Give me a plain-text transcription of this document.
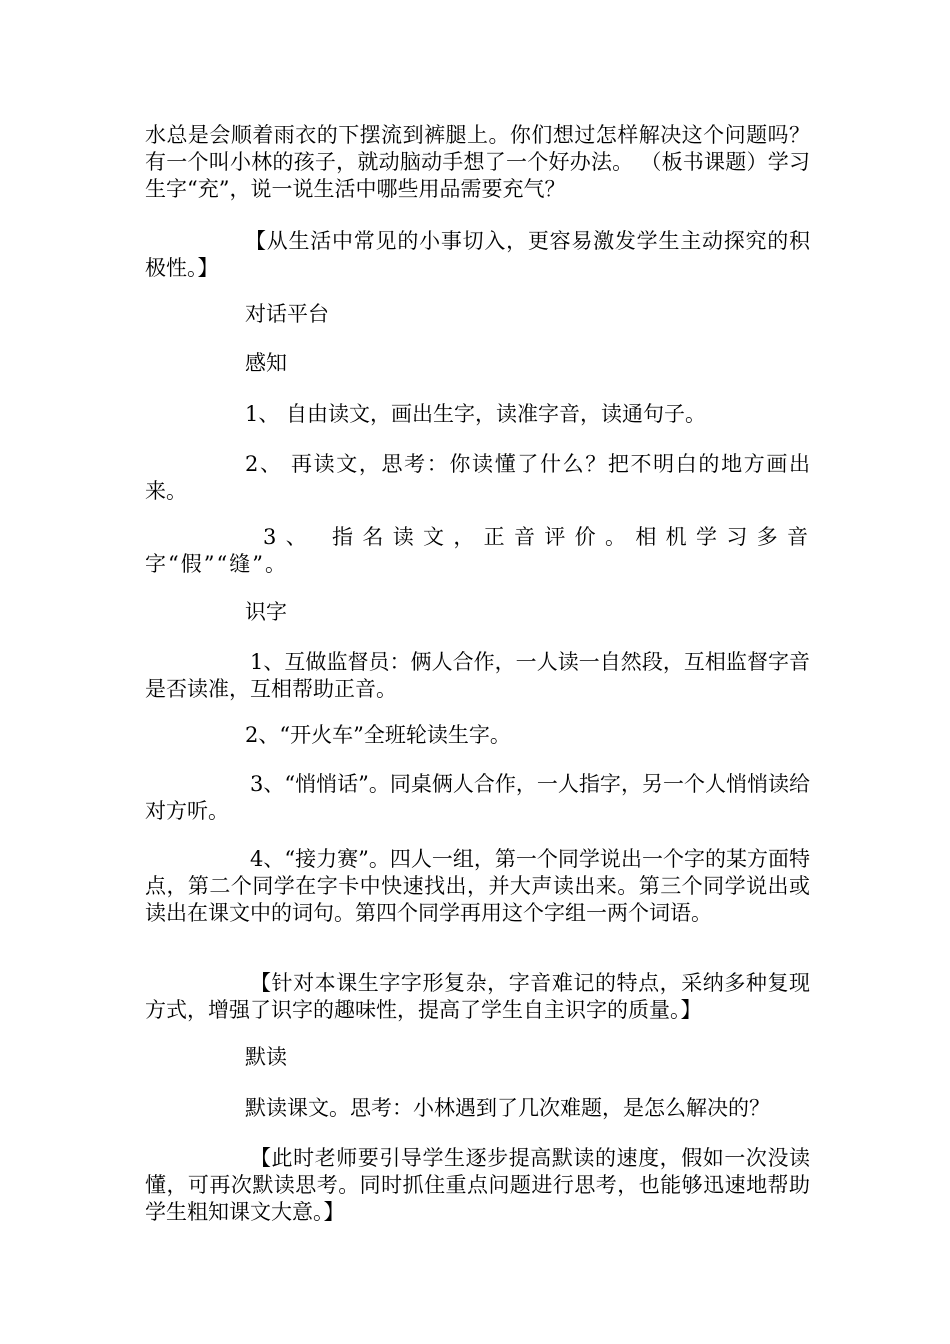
水总是会顺着雨衣的下摆流到裤腿上。你们想过怎样解决这个问题吗？有一个叫小林的孩子，就动脑动手想了一个好办法。 （板书课题）学习生字“充”，说一说生活中哪些用品需要充气？

【从生活中常见的小事切入，更容易激发学生主动探究的积极性。】

对话平台

感知

1、 自由读文，画出生字，读准字音，读通句子。

2、 再读文，思考：你读懂了什么？把不明白的地方画出来。

3、 指名读文，正音评价。相机学习多音字“假”“缝”。

识字

1、互做监督员：俩人合作，一人读一自然段，互相监督字音是否读准，互相帮助正音。

2、“开火车”全班轮读生字。

3、“悄悄话”。同桌俩人合作，一人指字，另一个人悄悄读给对方听。

4、“接力赛”。四人一组，第一个同学说出一个字的某方面特点，第二个同学在字卡中快速找出，并大声读出来。第三个同学说出或读出在课文中的词句。第四个同学再用这个字组一两个词语。

【针对本课生字字形复杂，字音难记的特点，采纳多种复现方式，增强了识字的趣味性，提高了学生自主识字的质量。】

默读

默读课文。思考：小林遇到了几次难题，是怎么解决的？

【此时老师要引导学生逐步提高默读的速度，假如一次没读懂，可再次默读思考。同时抓住重点问题进行思考，也能够迅速地帮助学生粗知课文大意。】
